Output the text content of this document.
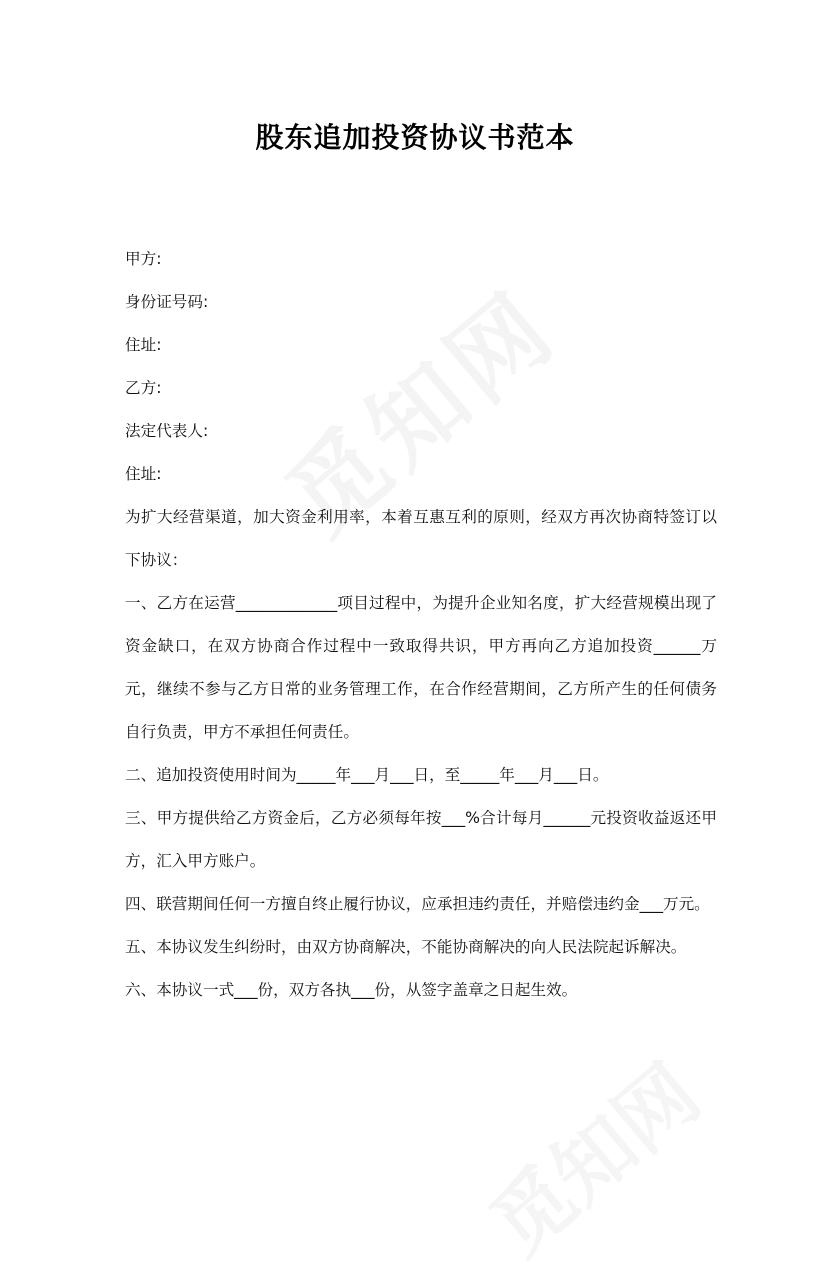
股东追加投资协议书范本

甲方:

身份证号码:

住址:

乙方:

法定代表人:

住址:

为扩大经营渠道，加大资金利用率，本着互惠互利的原则，经双方再次协商特签订以下协议：

一、乙方在运营_____________项目过程中，为提升企业知名度，扩大经营规模出现了资金缺口，在双方协商合作过程中一致取得共识，甲方再向乙方追加投资______万元，继续不参与乙方日常的业务管理工作，在合作经营期间，乙方所产生的任何债务自行负责，甲方不承担任何责任。

二、追加投资使用时间为_____年___月___日，至_____年___月___日。

三、甲方提供给乙方资金后，乙方必须每年按___%合计每月______元投资收益返还甲方，汇入甲方账户。

四、联营期间任何一方擅自终止履行协议，应承担违约责任，并赔偿违约金___万元。

五、本协议发生纠纷时，由双方协商解决，不能协商解决的向人民法院起诉解决。

六、本协议一式___份，双方各执___份，从签字盖章之日起生效。
